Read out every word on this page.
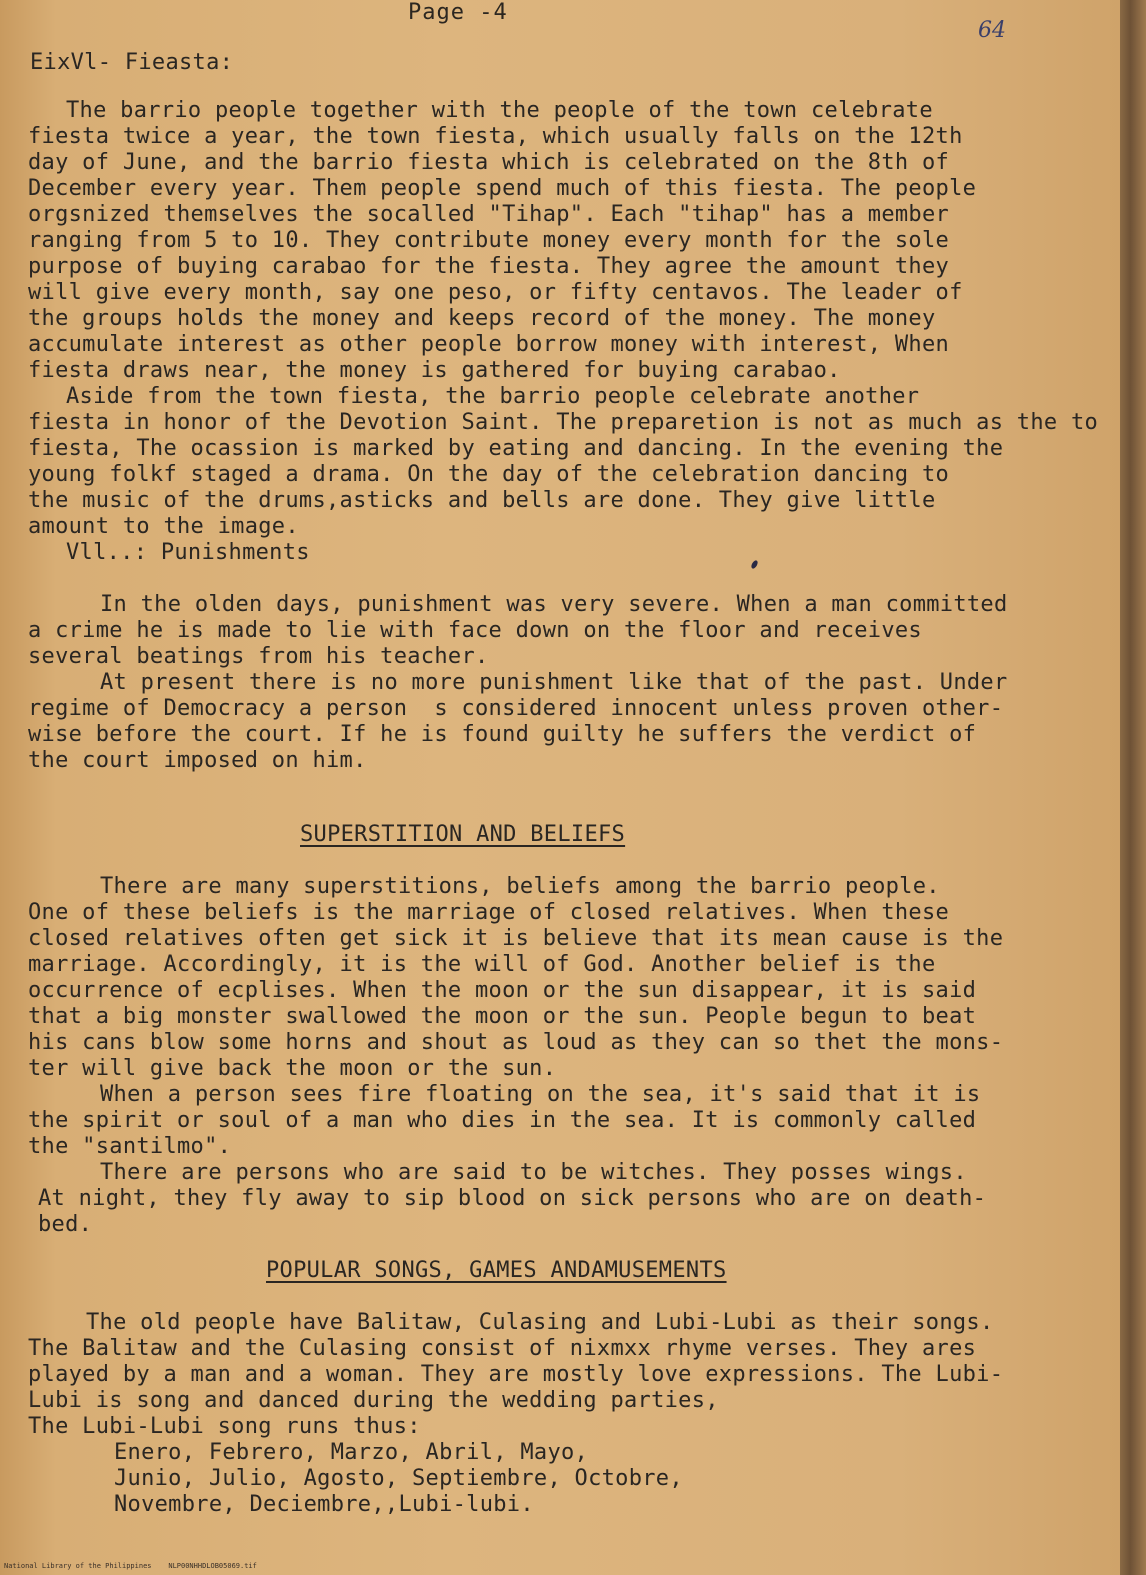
Page -4
64
EixVl- Fieasta:
The barrio people together with the people of the town celebrate
fiesta twice a year, the town fiesta, which usually falls on the 12th
day of June, and the barrio fiesta which is celebrated on the 8th of
December every year. Them people spend much of this fiesta. The people
orgsnized themselves the socalled "Tihap". Each "tihap" has a member
ranging from 5 to 10. They contribute money every month for the sole
purpose of buying carabao for the fiesta. They agree the amount they
will give every month, say one peso, or fifty centavos. The leader of
the groups holds the money and keeps record of the money. The money
accumulate interest as other people borrow money with interest, When
fiesta draws near, the money is gathered for buying carabao.
Aside from the town fiesta, the barrio people celebrate another
fiesta in honor of the Devotion Saint. The preparetion is not as much as the to
fiesta, The ocassion is marked by eating and dancing. In the evening the
young folkf staged a drama. On the day of the celebration dancing to
the music of the drums,asticks and bells are done. They give little
amount to the image.
Vll..: Punishments
In the olden days, punishment was very severe. When a man committed
a crime he is made to lie with face down on the floor and receives
several beatings from his teacher.
At present there is no more punishment like that of the past. Under
regime of Democracy a person  s considered innocent unless proven other-
wise before the court. If he is found guilty he suffers the verdict of
the court imposed on him.
SUPERSTITION AND BELIEFS
There are many superstitions, beliefs among the barrio people.
One of these beliefs is the marriage of closed relatives. When these
closed relatives often get sick it is believe that its mean cause is the
marriage. Accordingly, it is the will of God. Another belief is the
occurrence of ecplises. When the moon or the sun disappear, it is said
that a big monster swallowed the moon or the sun. People begun to beat
his cans blow some horns and shout as loud as they can so thet the mons-
ter will give back the moon or the sun.
When a person sees fire floating on the sea, it's said that it is
the spirit or soul of a man who dies in the sea. It is commonly called
the "santilmo".
There are persons who are said to be witches. They posses wings.
At night, they fly away to sip blood on sick persons who are on death-
bed.
POPULAR SONGS, GAMES ANDAMUSEMENTS
The old people have Balitaw, Culasing and Lubi-Lubi as their songs.
The Balitaw and the Culasing consist of nixmxx rhyme verses. They ares
played by a man and a woman. They are mostly love expressions. The Lubi-
Lubi is song and danced during the wedding parties,
The Lubi-Lubi song runs thus:
Enero, Febrero, Marzo, Abril, Mayo,
Junio, Julio, Agosto, Septiembre, Octobre,
Novembre, Deciembre,,Lubi-lubi.
National Library of the Philippines    NLP00NHHDLOB05069.tif
